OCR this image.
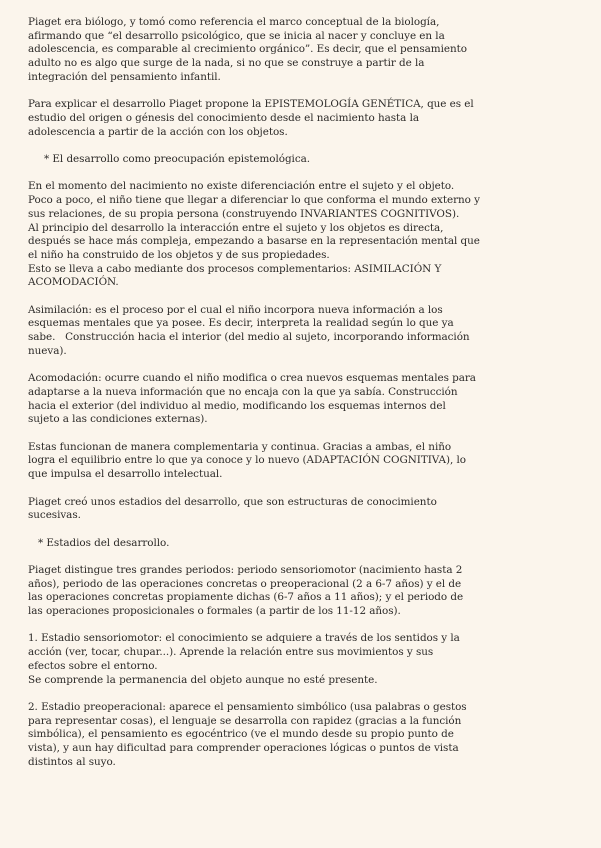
Piaget era biólogo, y tomó como referencia el marco conceptual de la biología,
afirmando que “el desarrollo psicológico, que se inicia al nacer y concluye en la
adolescencia, es comparable al crecimiento orgánico”. Es decir, que el pensamiento
adulto no es algo que surge de la nada, si no que se construye a partir de la
integración del pensamiento infantil.
Para explicar el desarrollo Piaget propone la EPISTEMOLOGÍA GENÉTICA, que es el
estudio del origen o génesis del conocimiento desde el nacimiento hasta la
adolescencia a partir de la acción con los objetos.
* El desarrollo como preocupación epistemológica.
En el momento del nacimiento no existe diferenciación entre el sujeto y el objeto.
Poco a poco, el niño tiene que llegar a diferenciar lo que conforma el mundo externo y
sus relaciones, de su propia persona (construyendo INVARIANTES COGNITIVOS).
Al principio del desarrollo la interacción entre el sujeto y los objetos es directa,
después se hace más compleja, empezando a basarse en la representación mental que
el niño ha construido de los objetos y de sus propiedades.
Esto se lleva a cabo mediante dos procesos complementarios: ASIMILACIÓN Y
ACOMODACIÓN.
Asimilación: es el proceso por el cual el niño incorpora nueva información a los
esquemas mentales que ya posee. Es decir, interpreta la realidad según lo que ya
sabe.   Construcción hacia el interior (del medio al sujeto, incorporando información
nueva).
Acomodación: ocurre cuando el niño modifica o crea nuevos esquemas mentales para
adaptarse a la nueva información que no encaja con la que ya sabía. Construcción
hacia el exterior (del individuo al medio, modificando los esquemas internos del
sujeto a las condiciones externas).
Estas funcionan de manera complementaria y continua. Gracias a ambas, el niño
logra el equilibrio entre lo que ya conoce y lo nuevo (ADAPTACIÓN COGNITIVA), lo
que impulsa el desarrollo intelectual.
Piaget creó unos estadios del desarrollo, que son estructuras de conocimiento
sucesivas.
* Estadios del desarrollo.
Piaget distingue tres grandes periodos: periodo sensoriomotor (nacimiento hasta 2
años), periodo de las operaciones concretas o preoperacional (2 a 6-7 años) y el de
las operaciones concretas propiamente dichas (6-7 años a 11 años); y el periodo de
las operaciones proposicionales o formales (a partir de los 11-12 años).
1. Estadio sensoriomotor: el conocimiento se adquiere a través de los sentidos y la
acción (ver, tocar, chupar...). Aprende la relación entre sus movimientos y sus
efectos sobre el entorno.
Se comprende la permanencia del objeto aunque no esté presente.
2. Estadio preoperacional: aparece el pensamiento simbólico (usa palabras o gestos
para representar cosas), el lenguaje se desarrolla con rapidez (gracias a la función
simbólica), el pensamiento es egocéntrico (ve el mundo desde su propio punto de
vista), y aun hay dificultad para comprender operaciones lógicas o puntos de vista
distintos al suyo.
